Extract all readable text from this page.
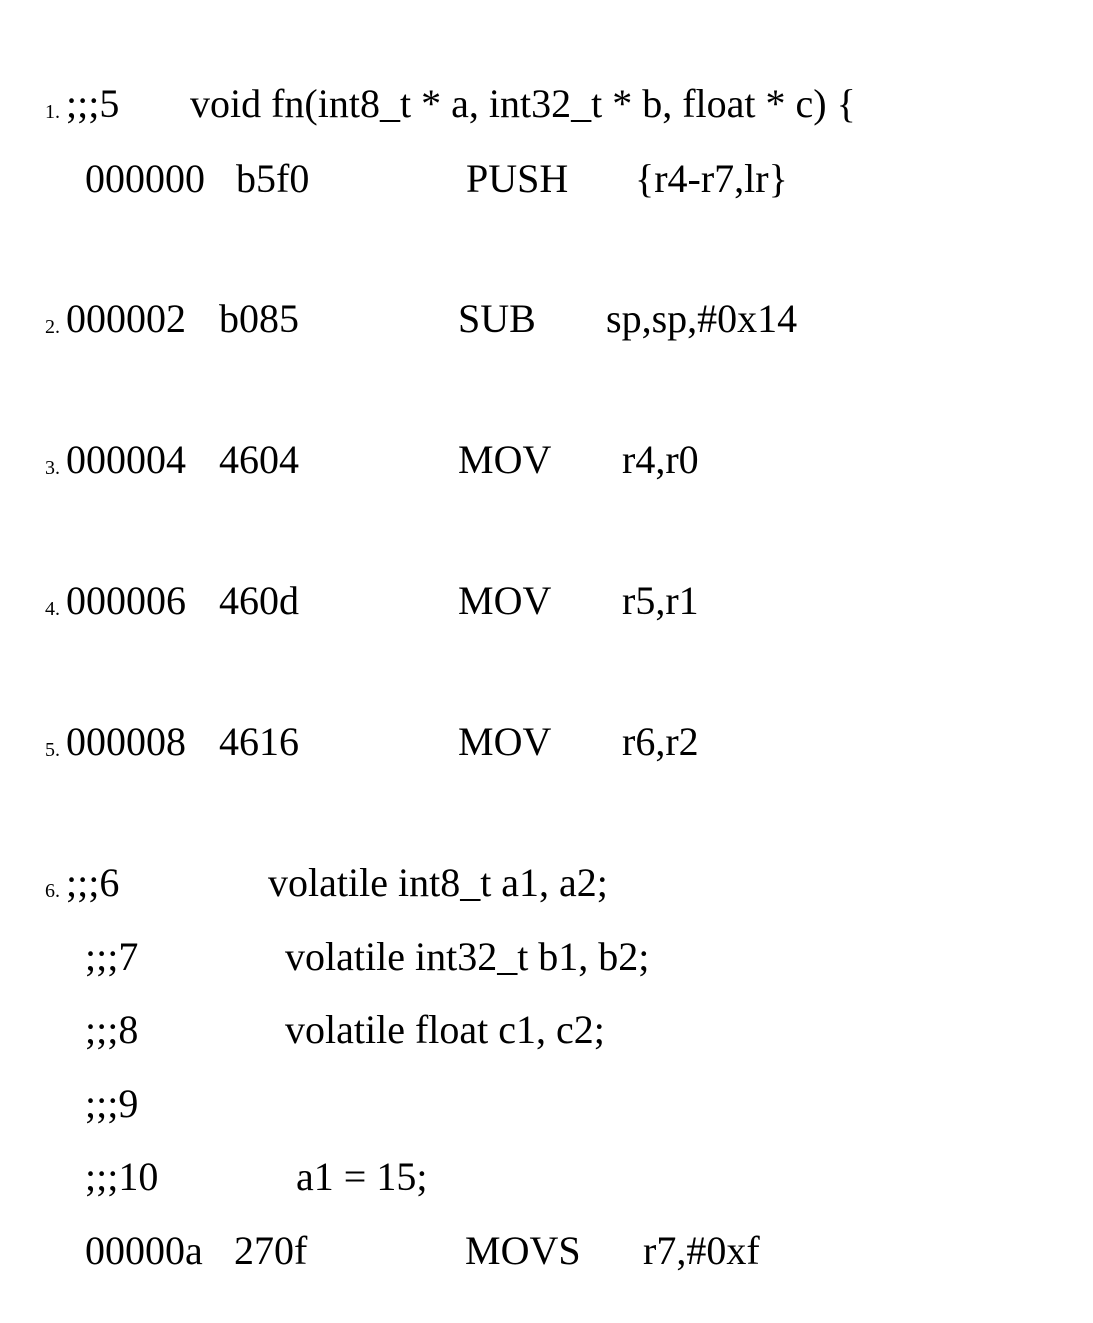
1. ;;;5 void fn(int8_t * a, int32_t * b, float * c) {
000000 b5f0	PUSH {r4-r7,lr}
2. 000002 b085	SUB sp,sp,#0x14
3. 000004 4604	MOV r4,r0
4. 000006 460d	MOV r5,r1
5. 000008 4616	MOV r6,r2
6. ;;;6	volatile int8_t a1, a2;
;;;7	volatile int32_t b1, b2;
;;;8	volatile float c1, c2;
;;;9
;;;10	a1 = 15;
00000a 270f	MOVS r7,#0xf
